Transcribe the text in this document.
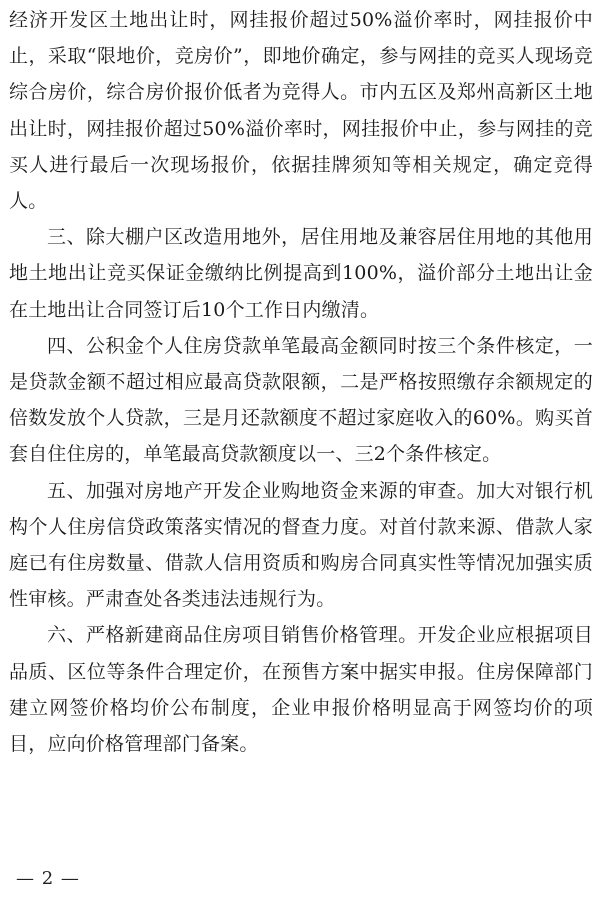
经济开发区土地出让时，网挂报价超过50%溢价率时，网挂报价中止，采取“限地价，竞房价”，即地价确定，参与网挂的竞买人现场竞综合房价，综合房价报价低者为竞得人。市内五区及郑州高新区土地出让时，网挂报价超过50%溢价率时，网挂报价中止，参与网挂的竞买人进行最后一次现场报价，依据挂牌须知等相关规定，确定竞得人。

三、除大棚户区改造用地外，居住用地及兼容居住用地的其他用地土地出让竞买保证金缴纳比例提高到100%，溢价部分土地出让金在土地出让合同签订后10个工作日内缴清。

四、公积金个人住房贷款单笔最高金额同时按三个条件核定，一是贷款金额不超过相应最高贷款限额，二是严格按照缴存余额规定的倍数发放个人贷款，三是月还款额度不超过家庭收入的60%。购买首套自住住房的，单笔最高贷款额度以一、三2个条件核定。

五、加强对房地产开发企业购地资金来源的审查。加大对银行机构个人住房信贷政策落实情况的督查力度。对首付款来源、借款人家庭已有住房数量、借款人信用资质和购房合同真实性等情况加强实质性审核。严肃查处各类违法违规行为。

六、严格新建商品住房项目销售价格管理。开发企业应根据项目品质、区位等条件合理定价，在预售方案中据实申报。住房保障部门建立网签价格均价公布制度，企业申报价格明显高于网签均价的项目，应向价格管理部门备案。

— 2 —
